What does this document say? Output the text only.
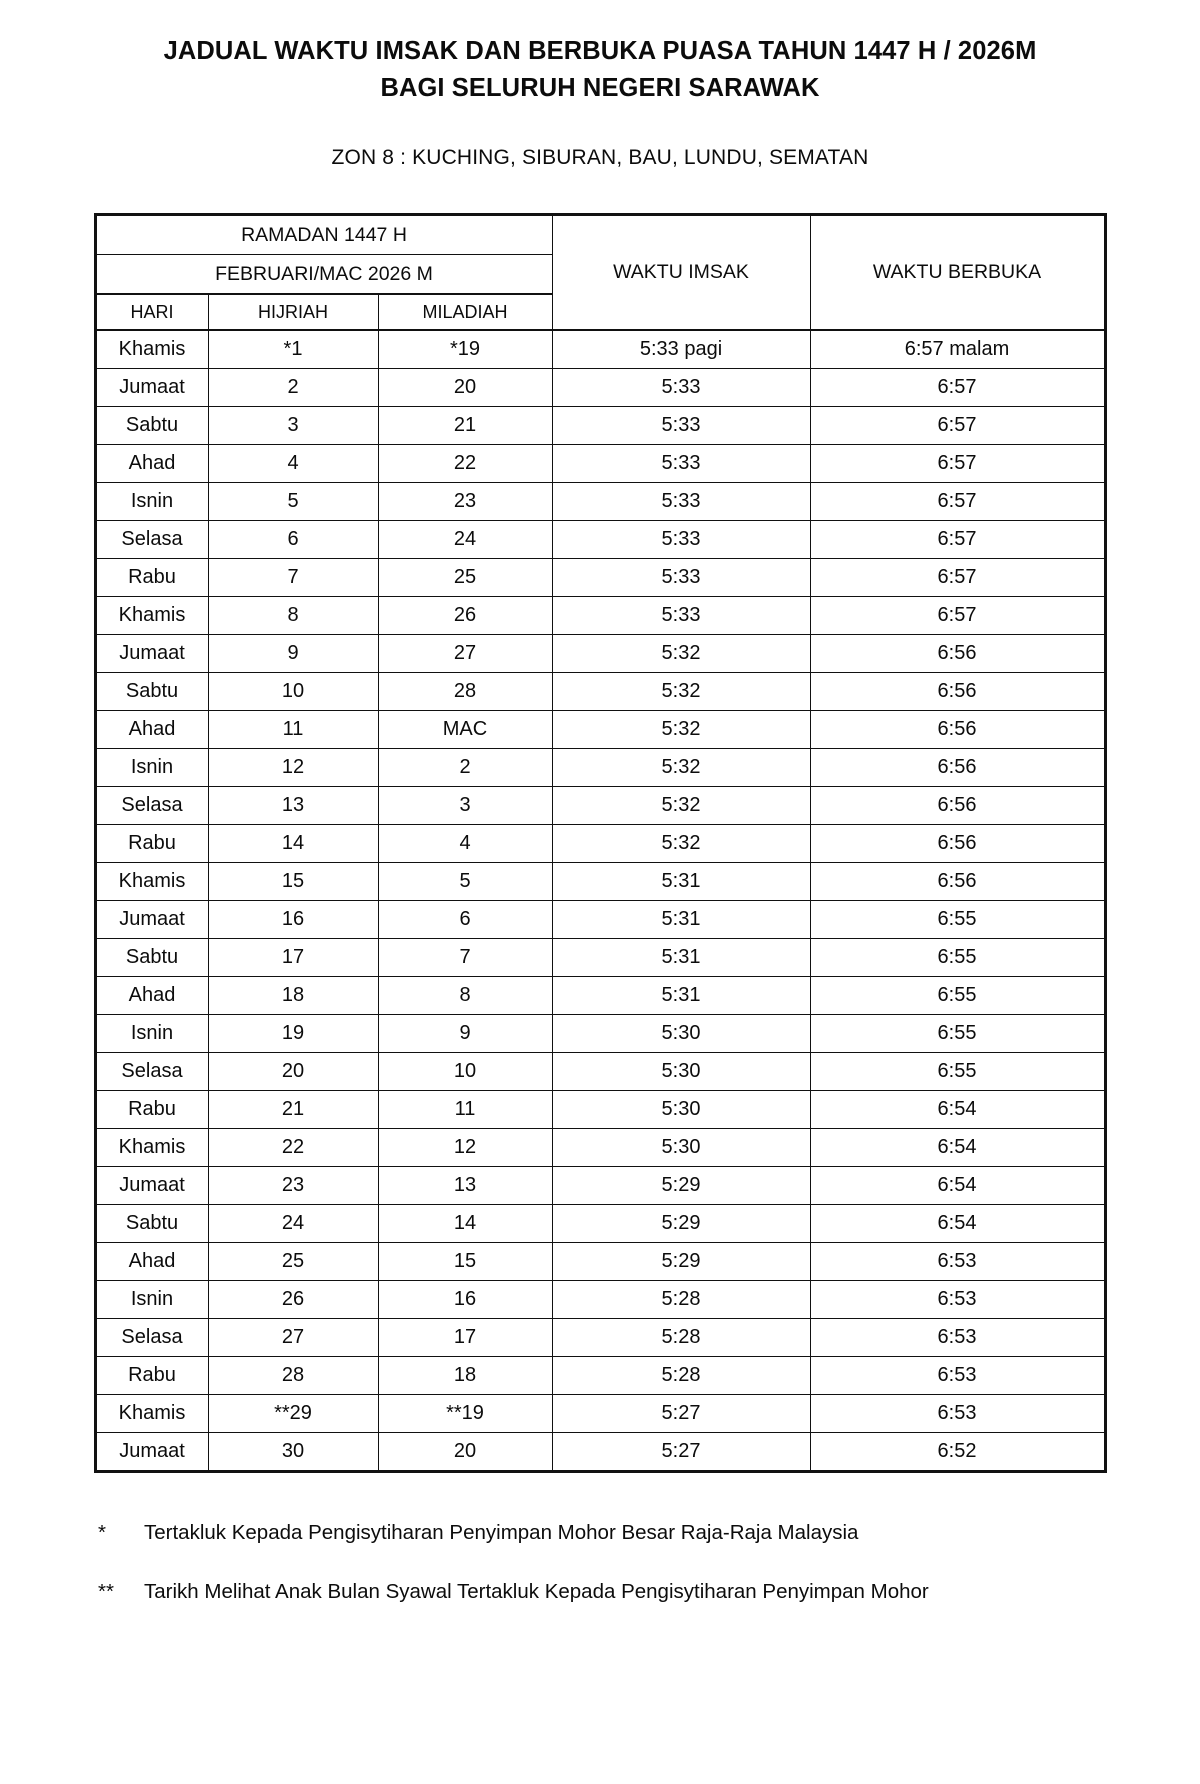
JADUAL WAKTU IMSAK DAN BERBUKA PUASA TAHUN 1447 H / 2026M
BAGI SELURUH NEGERI SARAWAK
ZON 8 : KUCHING, SIBURAN, BAU, LUNDU, SEMATAN
RAMADAN 1447 H			WAKTU IMSAK	WAKTU BERBUKA
FEBRUARI/MAC 2026 M				
HARI	HIJRIAH	MILADIAH		
Khamis	*1	*19	5:33 pagi	6:57 malam
Jumaat	2	20	5:33	6:57
Sabtu	3	21	5:33	6:57
Ahad	4	22	5:33	6:57
Isnin	5	23	5:33	6:57
Selasa	6	24	5:33	6:57
Rabu	7	25	5:33	6:57
Khamis	8	26	5:33	6:57
Jumaat	9	27	5:32	6:56
Sabtu	10	28	5:32	6:56
Ahad	11	MAC	5:32	6:56
Isnin	12	2	5:32	6:56
Selasa	13	3	5:32	6:56
Rabu	14	4	5:32	6:56
Khamis	15	5	5:31	6:56
Jumaat	16	6	5:31	6:55
Sabtu	17	7	5:31	6:55
Ahad	18	8	5:31	6:55
Isnin	19	9	5:30	6:55
Selasa	20	10	5:30	6:55
Rabu	21	11	5:30	6:54
Khamis	22	12	5:30	6:54
Jumaat	23	13	5:29	6:54
Sabtu	24	14	5:29	6:54
Ahad	25	15	5:29	6:53
Isnin	26	16	5:28	6:53
Selasa	27	17	5:28	6:53
Rabu	28	18	5:28	6:53
Khamis	**29	**19	5:27	6:53
Jumaat	30	20	5:27	6:52
*	Tertakluk Kepada Pengisytiharan Penyimpan Mohor Besar Raja-Raja Malaysia
**	Tarikh Melihat Anak Bulan Syawal Tertakluk Kepada Pengisytiharan Penyimpan Mohor
